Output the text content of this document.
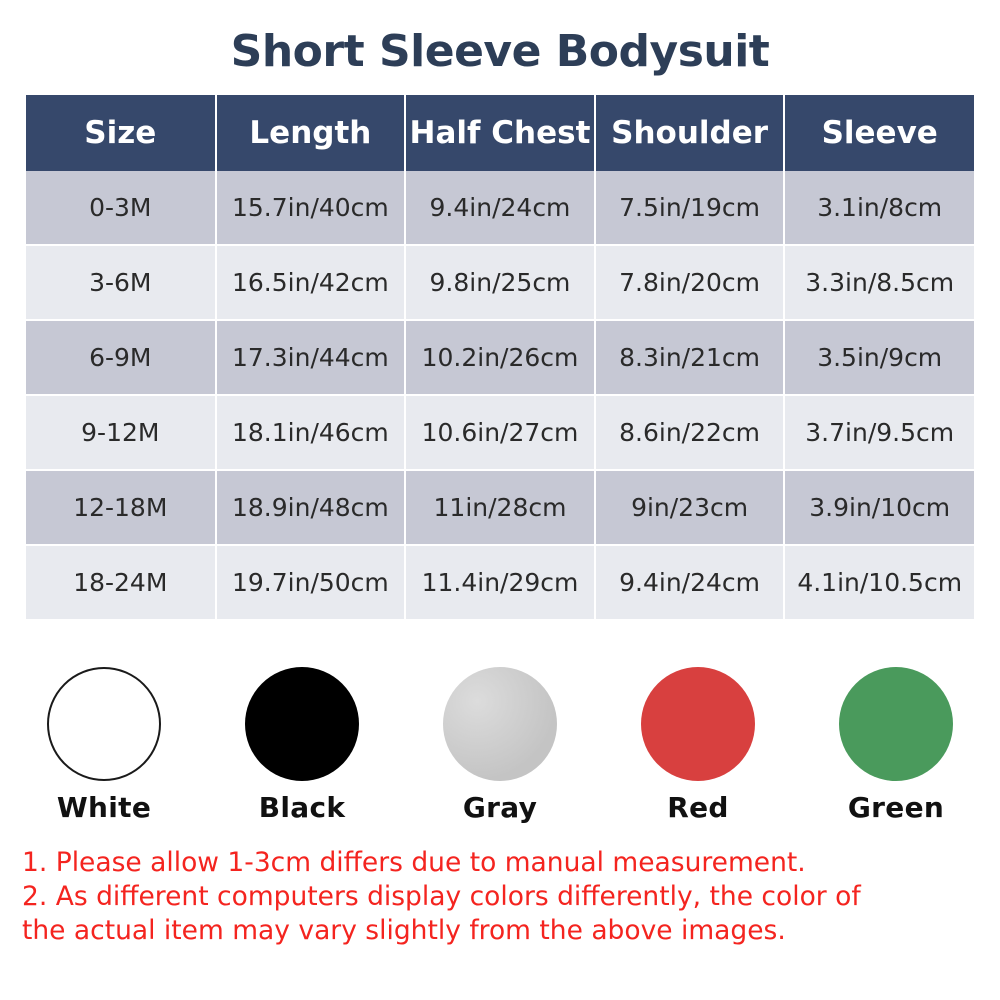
Short Sleeve Bodysuit
Size	Length	Half Chest	Shoulder	Sleeve
0-3M	15.7in/40cm	9.4in/24cm	7.5in/19cm	3.1in/8cm
3-6M	16.5in/42cm	9.8in/25cm	7.8in/20cm	3.3in/8.5cm
6-9M	17.3in/44cm	10.2in/26cm	8.3in/21cm	3.5in/9cm
9-12M	18.1in/46cm	10.6in/27cm	8.6in/22cm	3.7in/9.5cm
12-18M	18.9in/48cm	11in/28cm	9in/23cm	3.9in/10cm
18-24M	19.7in/50cm	11.4in/29cm	9.4in/24cm	4.1in/10.5cm
White	Black	Gray	Red	Green
1. Please allow 1-3cm differs due to manual measurement.
2. As different computers display colors differently, the color of
the actual item may vary slightly from the above images.
